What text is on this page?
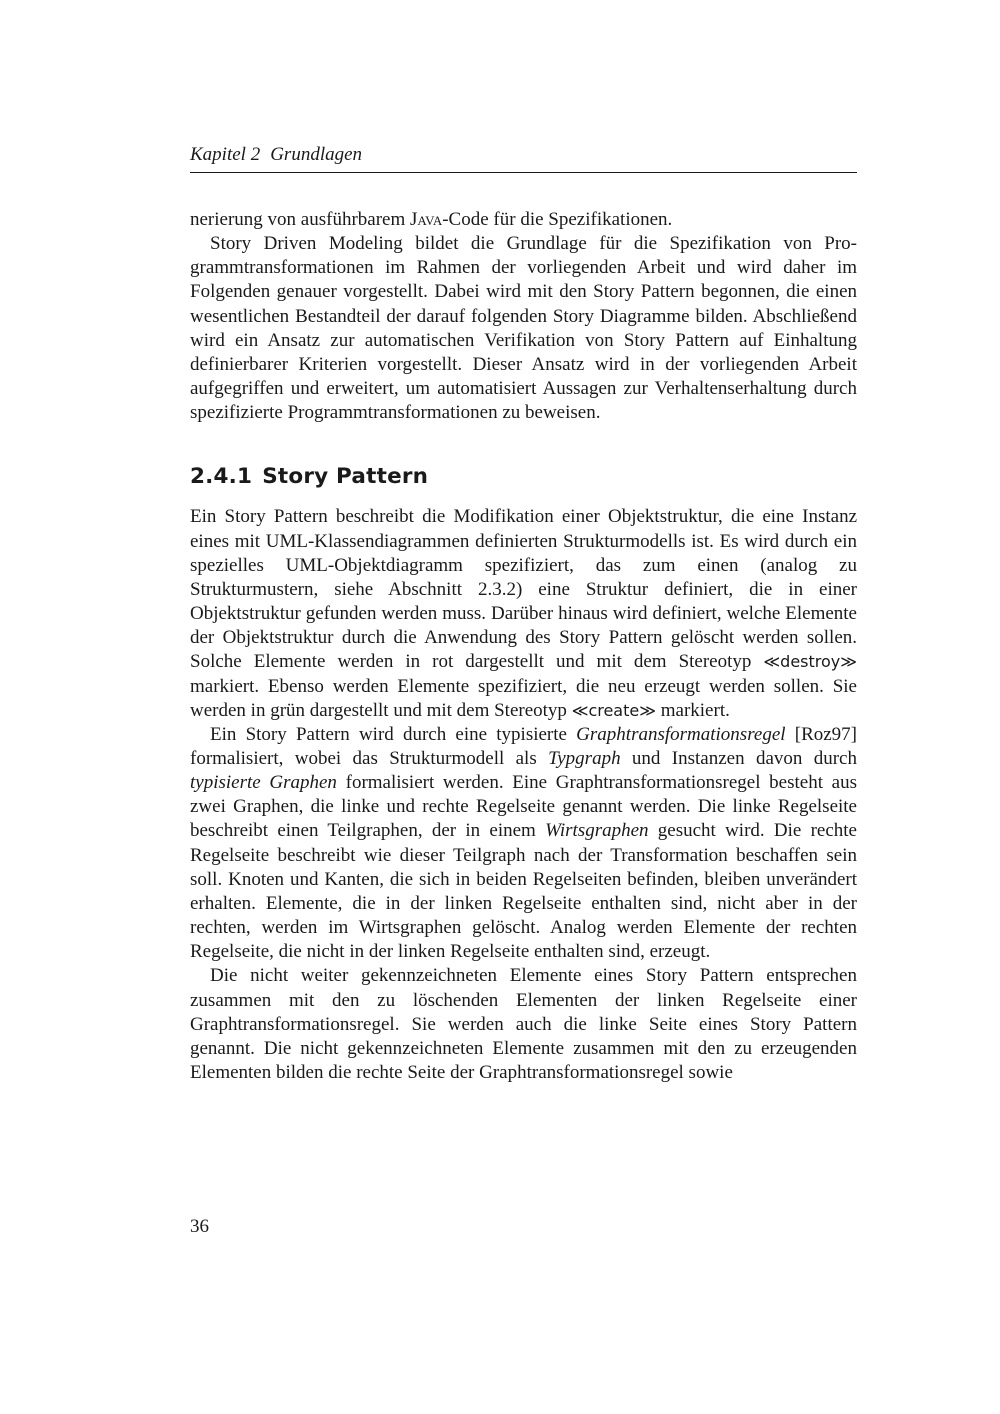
Kapitel 2 Grundlagen

nerierung von ausführbarem Java-Code für die Spezifikationen.

Story Driven Modeling bildet die Grundlage für die Spezifikation von Programmtransformationen im Rahmen der vorliegenden Arbeit und wird daher im Folgenden genauer vorgestellt. Dabei wird mit den Story Pattern begonnen, die einen wesentlichen Bestandteil der darauf folgenden Story Diagramme bilden. Abschließend wird ein Ansatz zur automatischen Verifikation von Story Pattern auf Einhaltung definierbarer Kriterien vorgestellt. Dieser Ansatz wird in der vorliegenden Arbeit aufgegriffen und erweitert, um automatisiert Aussagen zur Verhaltenserhaltung durch spezifizierte Programmtransformationen zu beweisen.

2.4.1 Story Pattern

Ein Story Pattern beschreibt die Modifikation einer Objektstruktur, die eine Instanz eines mit UML-Klassendiagrammen definierten Strukturmodells ist. Es wird durch ein spezielles UML-Objektdiagramm spezifiziert, das zum einen (analog zu Strukturmustern, siehe Abschnitt 2.3.2) eine Struktur definiert, die in einer Objektstruktur gefunden werden muss. Darüber hinaus wird definiert, welche Elemente der Objektstruktur durch die Anwendung des Story Pattern gelöscht werden sollen. Solche Elemente werden in rot dargestellt und mit dem Stereotyp ≪destroy≫ markiert. Ebenso werden Elemente spezifiziert, die neu erzeugt werden sollen. Sie werden in grün dargestellt und mit dem Stereotyp ≪create≫ markiert.

Ein Story Pattern wird durch eine typisierte Graphtransformationsregel [Roz97] formalisiert, wobei das Strukturmodell als Typgraph und Instanzen davon durch typisierte Graphen formalisiert werden. Eine Graphtransformationsregel besteht aus zwei Graphen, die linke und rechte Regelseite genannt werden. Die linke Regelseite beschreibt einen Teilgraphen, der in einem Wirtsgraphen gesucht wird. Die rechte Regelseite beschreibt wie dieser Teilgraph nach der Transformation beschaffen sein soll. Knoten und Kanten, die sich in beiden Regelseiten befinden, bleiben unverändert erhalten. Elemente, die in der linken Regelseite enthalten sind, nicht aber in der rechten, werden im Wirtsgraphen gelöscht. Analog werden Elemente der rechten Regelseite, die nicht in der linken Regelseite enthalten sind, erzeugt.

Die nicht weiter gekennzeichneten Elemente eines Story Pattern entsprechen zusammen mit den zu löschenden Elementen der linken Regelseite einer Graphtransformationsregel. Sie werden auch die linke Seite eines Story Pattern genannt. Die nicht gekennzeichneten Elemente zusammen mit den zu erzeugenden Elementen bilden die rechte Seite der Graphtransformationsregel sowie

36
